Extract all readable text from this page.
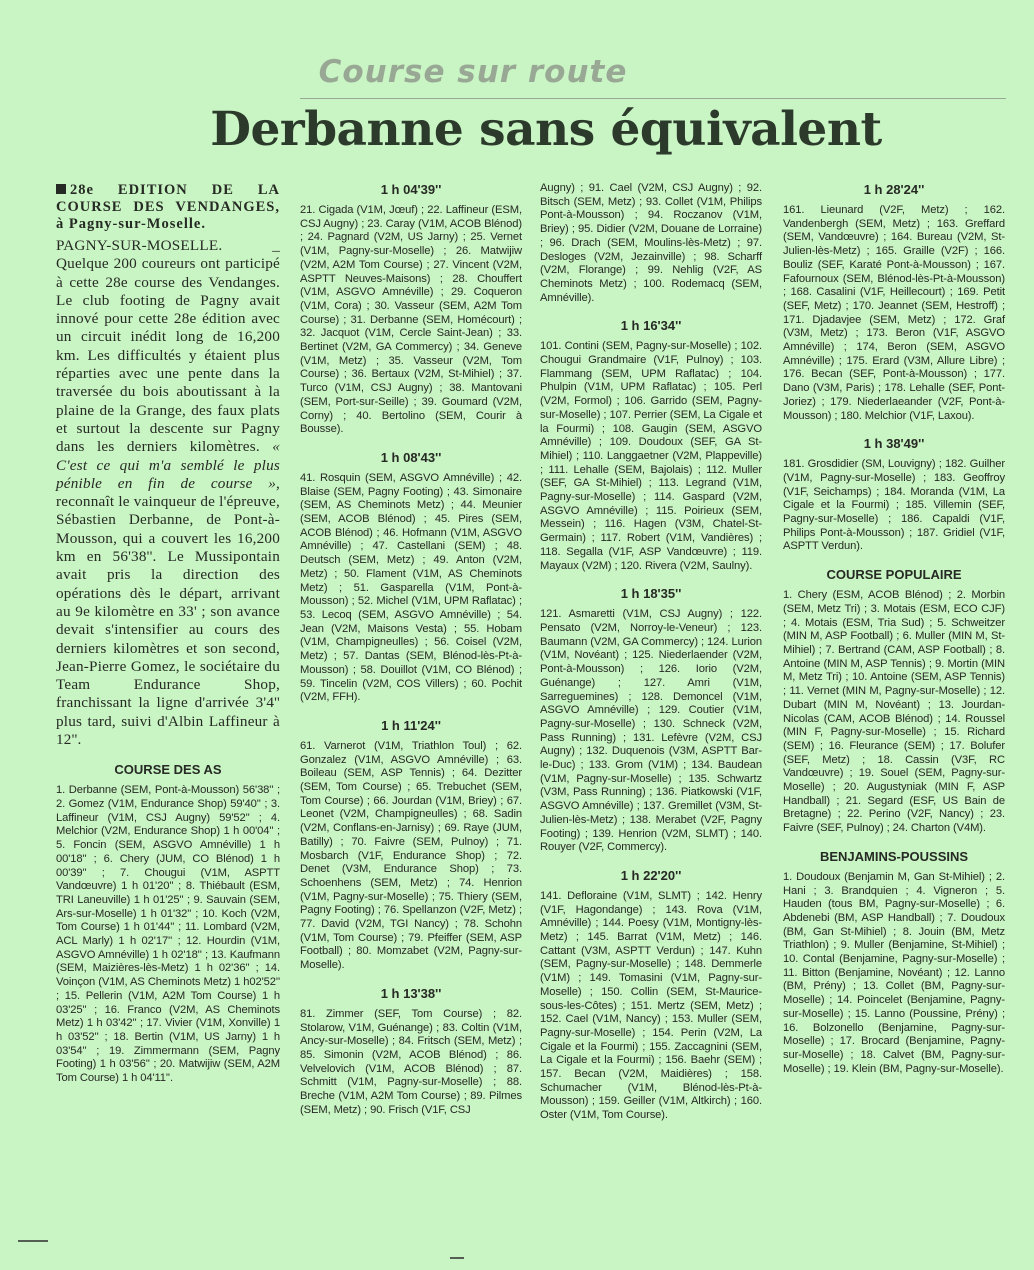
Course sur route
Derbanne sans équivalent
28e EDITION DE LA COURSE DES VENDANGES, à Pagny-sur-Moselle.

PAGNY-SUR-MOSELLE. _ Quelque 200 coureurs ont participé à cette 28e course des Vendanges. Le club footing de Pagny avait innové pour cette 28e édition avec un circuit inédit long de 16,200 km. Les difficultés y étaient plus réparties avec une pente dans la traversée du bois aboutissant à la plaine de la Grange, des faux plats et surtout la descente sur Pagny dans les derniers kilomètres. « C'est ce qui m'a semblé le plus pénible en fin de course », reconnaît le vainqueur de l'épreuve, Sébastien Derbanne, de Pont-à-Mousson, qui a couvert les 16,200 km en 56'38''. Le Mussipontain avait pris la direction des opérations dès le départ, arrivant au 9e kilomètre en 33' ; son avance devait s'intensifier au cours des derniers kilomètres et son second, Jean-Pierre Gomez, le sociétaire du Team Endurance Shop, franchissant la ligne d'arrivée 3'4'' plus tard, suivi d'Albin Laffineur à 12''.

COURSE DES AS

1. Derbanne (SEM, Pont-à-Mousson) 56'38'' ; 2. Gomez (V1M, Endurance Shop) 59'40'' ; 3. Laffineur (V1M, CSJ Augny) 59'52'' ; 4. Melchior (V2M, Endurance Shop) 1 h 00'04'' ; 5. Foncin (SEM, ASGVO Amnéville) 1 h 00'18'' ; 6. Chery (JUM, CO Blénod) 1 h 00'39'' ; 7. Chougui (V1M, ASPTT Vandœuvre) 1 h 01'20'' ; 8. Thiébault (ESM, TRI Laneuville) 1 h 01'25'' ; 9. Sauvain (SEM, Ars-sur-Moselle) 1 h 01'32'' ; 10. Koch (V2M, Tom Course) 1 h 01'44'' ; 11. Lombard (V2M, ACL Marly) 1 h 02'17'' ; 12. Hourdin (V1M, ASGVO Amnéville) 1 h 02'18'' ; 13. Kaufmann (SEM, Maizières-lès-Metz) 1 h 02'36'' ; 14. Voinçon (V1M, AS Cheminots Metz) 1 h02'52'' ; 15. Pellerin (V1M, A2M Tom Course) 1 h 03'25'' ; 16. Franco (V2M, AS Cheminots Metz) 1 h 03'42'' ; 17. Vivier (V1M, Xonville) 1 h 03'52'' ; 18. Bertin (V1M, US Jarny) 1 h 03'54'' ; 19. Zimmermann (SEM, Pagny Footing) 1 h 03'56'' ; 20. Matwijiw (SEM, A2M Tom Course) 1 h 04'11''.

1 h 04'39''

21. Cigada (V1M, Jœuf) ; 22. Laffineur (ESM, CSJ Augny) ; 23. Caray (V1M, ACOB Blénod) ; 24. Pagnard (V2M, US Jarny) ; 25. Vernet (V1M, Pagny-sur-Moselle) ; 26. Matwijiw (V2M, A2M Tom Course) ; 27. Vincent (V2M, ASPTT Neuves-Maisons) ; 28. Chouffert (V1M, ASGVO Amnéville) ; 29. Coqueron (V1M, Cora) ; 30. Vasseur (SEM, A2M Tom Course) ; 31. Derbanne (SEM, Homécourt) ; 32. Jacquot (V1M, Cercle Saint-Jean) ; 33. Bertinet (V2M, GA Commercy) ; 34. Geneve (V1M, Metz) ; 35. Vasseur (V2M, Tom Course) ; 36. Bertaux (V2M, St-Mihiel) ; 37. Turco (V1M, CSJ Augny) ; 38. Mantovani (SEM, Port-sur-Seille) ; 39. Goumard (V2M, Corny) ; 40. Bertolino (SEM, Courir à Bousse).

1 h 08'43''

41. Rosquin (SEM, ASGVO Amnéville) ; 42. Blaise (SEM, Pagny Footing) ; 43. Simonaire (SEM, AS Cheminots Metz) ; 44. Meunier (SEM, ACOB Blénod) ; 45. Pires (SEM, ACOB Blénod) ; 46. Hofmann (V1M, ASGVO Amnéville) ; 47. Castellani (SEM) ; 48. Deutsch (SEM, Metz) ; 49. Anton (V2M, Metz) ; 50. Flament (V1M, AS Cheminots Metz) ; 51. Gasparella (V1M, Pont-à-Mousson) ; 52. Michel (V1M, UPM Raflatac) ; 53. Lecoq (SEM, ASGVO Amnéville) ; 54. Jean (V2M, Maisons Vesta) ; 55. Hobam (V1M, Champigneulles) ; 56. Coisel (V2M, Metz) ; 57. Dantas (SEM, Blénod-lès-Pt-à-Mousson) ; 58. Douillot (V1M, CO Blénod) ; 59. Tincelin (V2M, COS Villers) ; 60. Pochit (V2M, FFH).

1 h 11'24''

61. Varnerot (V1M, Triathlon Toul) ; 62. Gonzalez (V1M, ASGVO Amnéville) ; 63. Boileau (SEM, ASP Tennis) ; 64. Dezitter (SEM, Tom Course) ; 65. Trebuchet (SEM, Tom Course) ; 66. Jourdan (V1M, Briey) ; 67. Leonet (V2M, Champigneulles) ; 68. Sadin (V2M, Conflans-en-Jarnisy) ; 69. Raye (JUM, Batilly) ; 70. Faivre (SEM, Pulnoy) ; 71. Mosbarch (V1F, Endurance Shop) ; 72. Denet (V3M, Endurance Shop) ; 73. Schoenhens (SEM, Metz) ; 74. Henrion (V1M, Pagny-sur-Moselle) ; 75. Thiery (SEM, Pagny Footing) ; 76. Spellanzon (V2F, Metz) ; 77. David (V2M, TGI Nancy) ; 78. Schohn (V1M, Tom Course) ; 79. Pfeiffer (SEM, ASP Football) ; 80. Momzabet (V2M, Pagny-sur-Moselle).

1 h 13'38''

81. Zimmer (SEF, Tom Course) ; 82. Stolarow, V1M, Guénange) ; 83. Coltin (V1M, Ancy-sur-Moselle) ; 84. Fritsch (SEM, Metz) ; 85. Simonin (V2M, ACOB Blénod) ; 86. Velvelovich (V1M, ACOB Blénod) ; 87. Schmitt (V1M, Pagny-sur-Moselle) ; 88. Breche (V1M, A2M Tom Course) ; 89. Pilmes (SEM, Metz) ; 90. Frisch (V1F, CSJ

Augny) ; 91. Cael (V2M, CSJ Augny) ; 92. Bitsch (SEM, Metz) ; 93. Collet (V1M, Philips Pont-à-Mousson) ; 94. Roczanov (V1M, Briey) ; 95. Didier (V2M, Douane de Lorraine) ; 96. Drach (SEM, Moulins-lès-Metz) ; 97. Desloges (V2M, Jezainville) ; 98. Scharff (V2M, Florange) ; 99. Nehlig (V2F, AS Cheminots Metz) ; 100. Rodemacq (SEM, Amnéville).

1 h 16'34''

101. Contini (SEM, Pagny-sur-Moselle) ; 102. Chougui Grandmaire (V1F, Pulnoy) ; 103. Flammang (SEM, UPM Raflatac) ; 104. Phulpin (V1M, UPM Raflatac) ; 105. Perl (V2M, Formol) ; 106. Garrido (SEM, Pagny-sur-Moselle) ; 107. Perrier (SEM, La Cigale et la Fourmi) ; 108. Gaugin (SEM, ASGVO Amnéville) ; 109. Doudoux (SEF, GA St-Mihiel) ; 110. Langgaetner (V2M, Plappeville) ; 111. Lehalle (SEM, Bajolais) ; 112. Muller (SEF, GA St-Mihiel) ; 113. Legrand (V1M, Pagny-sur-Moselle) ; 114. Gaspard (V2M, ASGVO Amnéville) ; 115. Poirieux (SEM, Messein) ; 116. Hagen (V3M, Chatel-St-Germain) ; 117. Robert (V1M, Vandières) ; 118. Segalla (V1F, ASP Vandœuvre) ; 119. Mayaux (V2M) ; 120. Rivera (V2M, Saulny).

1 h 18'35''

121. Asmaretti (V1M, CSJ Augny) ; 122. Pensato (V2M, Norroy-le-Veneur) ; 123. Baumann (V2M, GA Commercy) ; 124. Lurion (V1M, Novéant) ; 125. Niederlaender (V2M, Pont-à-Mousson) ; 126. Iorio (V2M, Guénange) ; 127. Amri (V1M, Sarreguemines) ; 128. Demoncel (V1M, ASGVO Amnéville) ; 129. Coutier (V1M, Pagny-sur-Moselle) ; 130. Schneck (V2M, Pass Running) ; 131. Lefèvre (V2M, CSJ Augny) ; 132. Duquenois (V3M, ASPTT Bar-le-Duc) ; 133. Grom (V1M) ; 134. Baudean (V1M, Pagny-sur-Moselle) ; 135. Schwartz (V3M, Pass Running) ; 136. Piatkowski (V1F, ASGVO Amnéville) ; 137. Gremillet (V3M, St-Julien-lès-Metz) ; 138. Merabet (V2F, Pagny Footing) ; 139. Henrion (V2M, SLMT) ; 140. Rouyer (V2F, Commercy).

1 h 22'20''

141. Defloraine (V1M, SLMT) ; 142. Henry (V1F, Hagondange) ; 143. Rova (V1M, Amnéville) ; 144. Poesy (V1M, Montigny-lès-Metz) ; 145. Barrat (V1M, Metz) ; 146. Cattant (V3M, ASPTT Verdun) ; 147. Kuhn (SEM, Pagny-sur-Moselle) ; 148. Demmerle (V1M) ; 149. Tomasini (V1M, Pagny-sur-Moselle) ; 150. Collin (SEM, St-Maurice-sous-les-Côtes) ; 151. Mertz (SEM, Metz) ; 152. Cael (V1M, Nancy) ; 153. Muller (SEM, Pagny-sur-Moselle) ; 154. Perin (V2M, La Cigale et la Fourmi) ; 155. Zaccagnini (SEM, La Cigale et la Fourmi) ; 156. Baehr (SEM) ; 157. Becan (V2M, Maidières) ; 158. Schumacher (V1M, Blénod-lès-Pt-à-Mousson) ; 159. Geiller (V1M, Altkirch) ; 160. Oster (V1M, Tom Course).

1 h 28'24''

161. Lieunard (V2F, Metz) ; 162. Vandenbergh (SEM, Metz) ; 163. Greffard (SEM, Vandœuvre) ; 164. Bureau (V2M, St-Julien-lès-Metz) ; 165. Graille (V2F) ; 166. Bouliz (SEF, Karaté Pont-à-Mousson) ; 167. Fafournoux (SEM, Blénod-lès-Pt-à-Mousson) ; 168. Casalini (V1F, Heillecourt) ; 169. Petit (SEF, Metz) ; 170. Jeannet (SEM, Hestroff) ; 171. Djadavjee (SEM, Metz) ; 172. Graf (V3M, Metz) ; 173. Beron (V1F, ASGVO Amnéville) ; 174, Beron (SEM, ASGVO Amnéville) ; 175. Erard (V3M, Allure Libre) ; 176. Becan (SEF, Pont-à-Mousson) ; 177. Dano (V3M, Paris) ; 178. Lehalle (SEF, Pont-Joriez) ; 179. Niederlaeander (V2F, Pont-à-Mousson) ; 180. Melchior (V1F, Laxou).

1 h 38'49''

181. Grosdidier (SM, Louvigny) ; 182. Guilher (V1M, Pagny-sur-Moselle) ; 183. Geoffroy (V1F, Seichamps) ; 184. Moranda (V1M, La Cigale et la Fourmi) ; 185. Villemin (SEF, Pagny-sur-Moselle) ; 186. Capaldi (V1F, Philips Pont-à-Mousson) ; 187. Gridiel (V1F, ASPTT Verdun).

COURSE POPULAIRE

1. Chery (ESM, ACOB Blénod) ; 2. Morbin (SEM, Metz Tri) ; 3. Motais (ESM, ECO CJF) ; 4. Motais (ESM, Tria Sud) ; 5. Schweitzer (MIN M, ASP Football) ; 6. Muller (MIN M, St-Mihiel) ; 7. Bertrand (CAM, ASP Football) ; 8. Antoine (MIN M, ASP Tennis) ; 9. Mortin (MIN M, Metz Tri) ; 10. Antoine (SEM, ASP Tennis) ; 11. Vernet (MIN M, Pagny-sur-Moselle) ; 12. Dubart (MIN M, Novéant) ; 13. Jourdan-Nicolas (CAM, ACOB Blénod) ; 14. Roussel (MIN F, Pagny-sur-Moselle) ; 15. Richard (SEM) ; 16. Fleurance (SEM) ; 17. Bolufer (SEF, Metz) ; 18. Cassin (V3F, RC Vandœuvre) ; 19. Souel (SEM, Pagny-sur-Moselle) ; 20. Augustyniak (MIN F, ASP Handball) ; 21. Segard (ESF, US Bain de Bretagne) ; 22. Perino (V2F, Nancy) ; 23. Faivre (SEF, Pulnoy) ; 24. Charton (V4M).

BENJAMINS-POUSSINS

1. Doudoux (Benjamin M, Gan St-Mihiel) ; 2. Hani ; 3. Brandquien ; 4. Vigneron ; 5. Hauden (tous BM, Pagny-sur-Moselle) ; 6. Abdenebi (BM, ASP Handball) ; 7. Doudoux (BM, Gan St-Mihiel) ; 8. Jouin (BM, Metz Triathlon) ; 9. Muller (Benjamine, St-Mihiel) ; 10. Contal (Benjamine, Pagny-sur-Moselle) ; 11. Bitton (Benjamine, Novéant) ; 12. Lanno (BM, Prény) ; 13. Collet (BM, Pagny-sur-Moselle) ; 14. Poincelet (Benjamine, Pagny-sur-Moselle) ; 15. Lanno (Poussine, Prény) ; 16. Bolzonello (Benjamine, Pagny-sur-Moselle) ; 17. Brocard (Benjamine, Pagny-sur-Moselle) ; 18. Calvet (BM, Pagny-sur-Moselle) ; 19. Klein (BM, Pagny-sur-Moselle).
